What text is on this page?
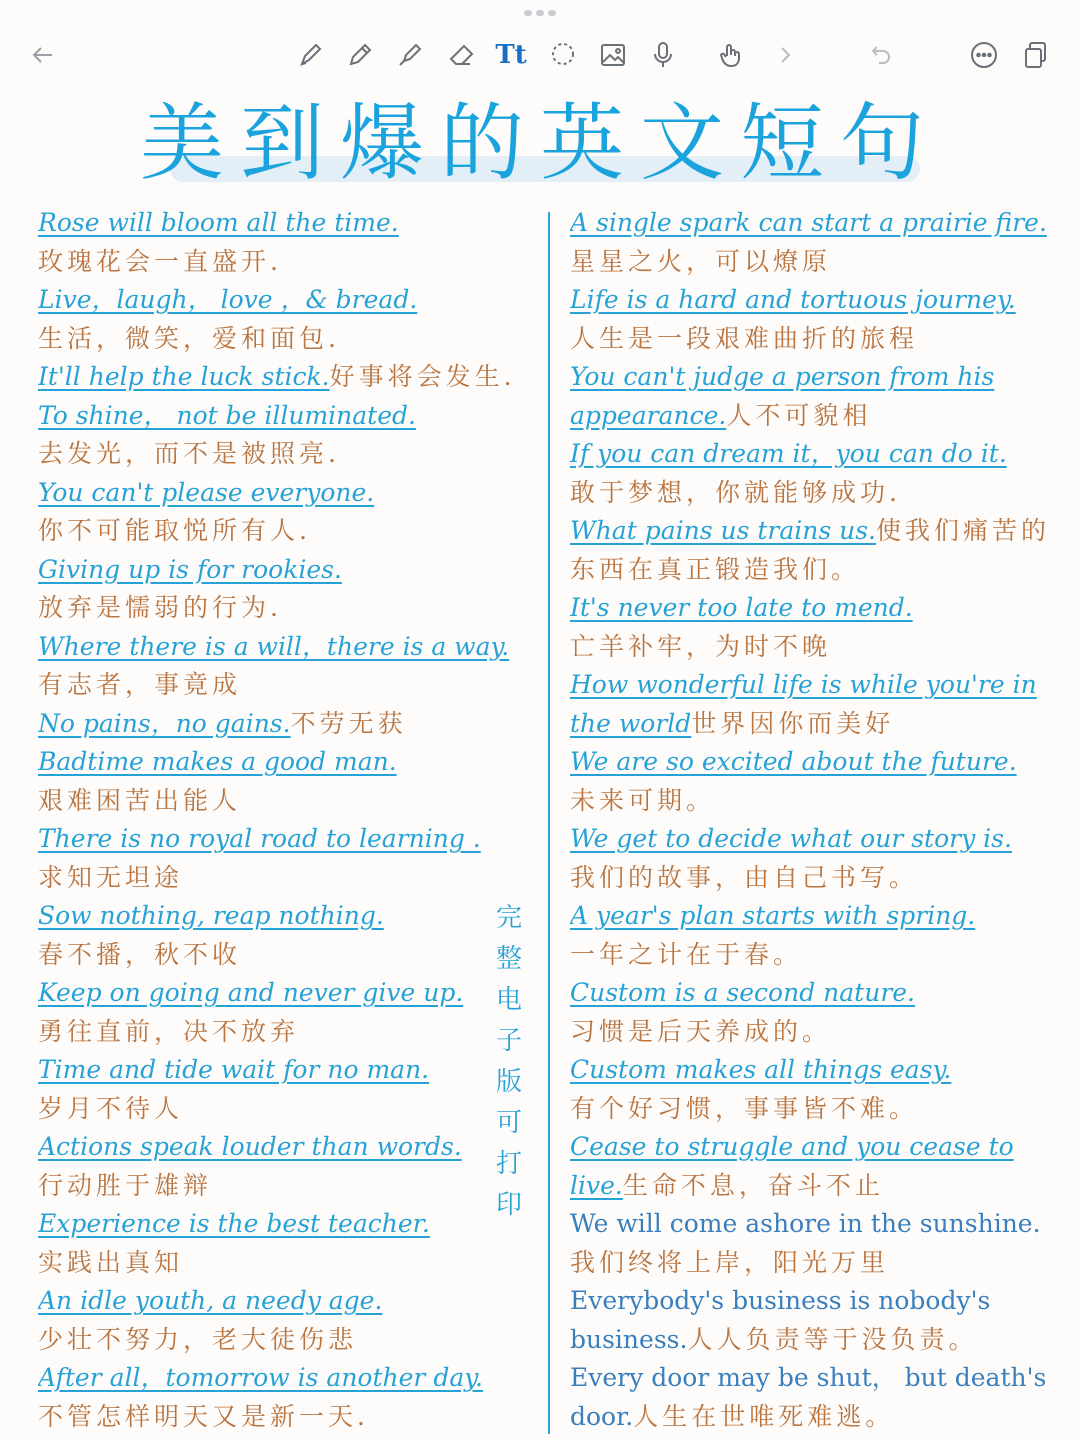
Tt
美到爆的英文短句
Rose will bloom all the time.
玫瑰花会一直盛开.
Live，laugh， love ，& bread.
生活，微笑，爱和面包.
It'll help the luck stick.好事将会发生.
To shine， not be illuminated.
去发光，而不是被照亮.
You can't please everyone.
你不可能取悦所有人.
Giving up is for rookies.
放弃是懦弱的行为.
Where there is a will，there is a way.
有志者，事竟成
No pains，no gains.不劳无获
Badtime makes a good man.
艰难困苦出能人
There is no royal road to learning .
求知无坦途
Sow nothing, reap nothing.
春不播，秋不收
Keep on going and never give up.
勇往直前，决不放弃
Time and tide wait for no man.
岁月不待人
Actions speak louder than words.
行动胜于雄辩
Experience is the best teacher.
实践出真知
An idle youth, a needy age.
少壮不努力，老大徒伤悲
After all，tomorrow is another day.
不管怎样明天又是新一天.
A single spark can start a prairie fire.
星星之火，可以燎原
Life is a hard and tortuous journey.
人生是一段艰难曲折的旅程
You can't judge a person from his
appearance.人不可貌相
If you can dream it，you can do it.
敢于梦想，你就能够成功.
What pains us trains us.使我们痛苦的
东西在真正锻造我们。
It's never too late to mend.
亡羊补牢，为时不晚
How wonderful life is while you're in
the world世界因你而美好
We are so excited about the future.
未来可期。
We get to decide what our story is.
我们的故事，由自己书写。
A year's plan starts with spring.
一年之计在于春。
Custom is a second nature.
习惯是后天养成的。
Custom makes all things easy.
有个好习惯，事事皆不难。
Cease to struggle and you cease to
live.生命不息，奋斗不止
We will come ashore in the sunshine.
我们终将上岸，阳光万里
Everybody's business is nobody's
business.人人负责等于没负责。
Every door may be shut， but death's
door.人生在世唯死难逃。
完整电子版可打印
